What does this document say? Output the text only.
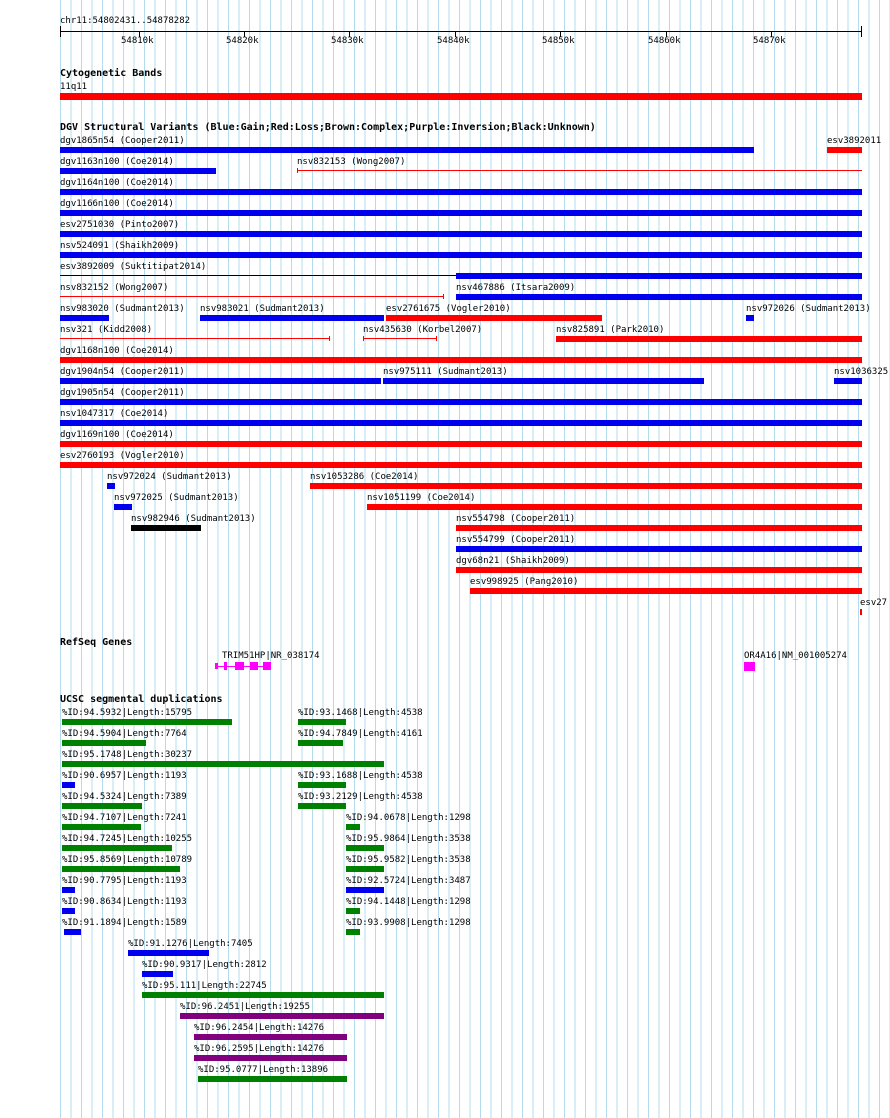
chr11:54802431..54878282
54810k	54820k	54830k	54840k	54850k	54860k	54870k
Cytogenetic Bands
11q11
DGV Structural Variants (Blue:Gain;Red:Loss;Brown:Complex;Purple:Inversion;Black:Unknown)
dgv1865n54 (Cooper2011)	esv3892011
dgv1163n100 (Coe2014)	nsv832153 (Wong2007)
dgv1164n100 (Coe2014)
dgv1166n100 (Coe2014)
esv2751030 (Pinto2007)
nsv524091 (Shaikh2009)
esv3892009 (Suktitipat2014)
nsv832152 (Wong2007)	nsv467886 (Itsara2009)
nsv983020 (Sudmant2013) nsv983021 (Sudmant2013)	esv2761675 (Vogler2010)	nsv972026 (Sudmant2013)
nsv321 (Kidd2008)	nsv435630 (Korbel2007)	nsv825891 (Park2010)
dgv1168n100 (Coe2014)
dgv1904n54 (Cooper2011)	nsv975111 (Sudmant2013)	nsv1036325
dgv1905n54 (Cooper2011)
nsv1047317 (Coe2014)
dgv1169n100 (Coe2014)
esv2760193 (Vogler2010)
nsv972024 (Sudmant2013)	nsv1053286 (Coe2014)
nsv972025 (Sudmant2013)	nsv1051199 (Coe2014)
nsv982946 (Sudmant2013)	nsv554798 (Cooper2011)
nsv554799 (Cooper2011)
dgv68n21 (Shaikh2009)
esv998925 (Pang2010)
esv27
RefSeq Genes
TRIM51HP|NR_038174	OR4A16|NM_001005274
UCSC segmental duplications
%ID:94.5932|Length:15795	%ID:93.1468|Length:4538
%ID:94.5904|Length:7764	%ID:94.7849|Length:4161
%ID:95.1748|Length:30237
%ID:90.6957|Length:1193	%ID:93.1688|Length:4538
%ID:94.5324|Length:7389	%ID:93.2129|Length:4538
%ID:94.7107|Length:7241	%ID:94.0678|Length:1298
%ID:94.7245|Length:10255	%ID:95.9864|Length:3538
%ID:95.8569|Length:10789	%ID:95.9582|Length:3538
%ID:90.7795|Length:1193	%ID:92.5724|Length:3487
%ID:90.8634|Length:1193	%ID:94.1448|Length:1298
%ID:91.1894|Length:1589	%ID:93.9908|Length:1298
%ID:91.1276|Length:7405
%ID:90.9317|Length:2812
%ID:95.111|Length:22745
%ID:96.2451|Length:19255
%ID:96.2454|Length:14276
%ID:96.2595|Length:14276
%ID:95.0777|Length:13896
